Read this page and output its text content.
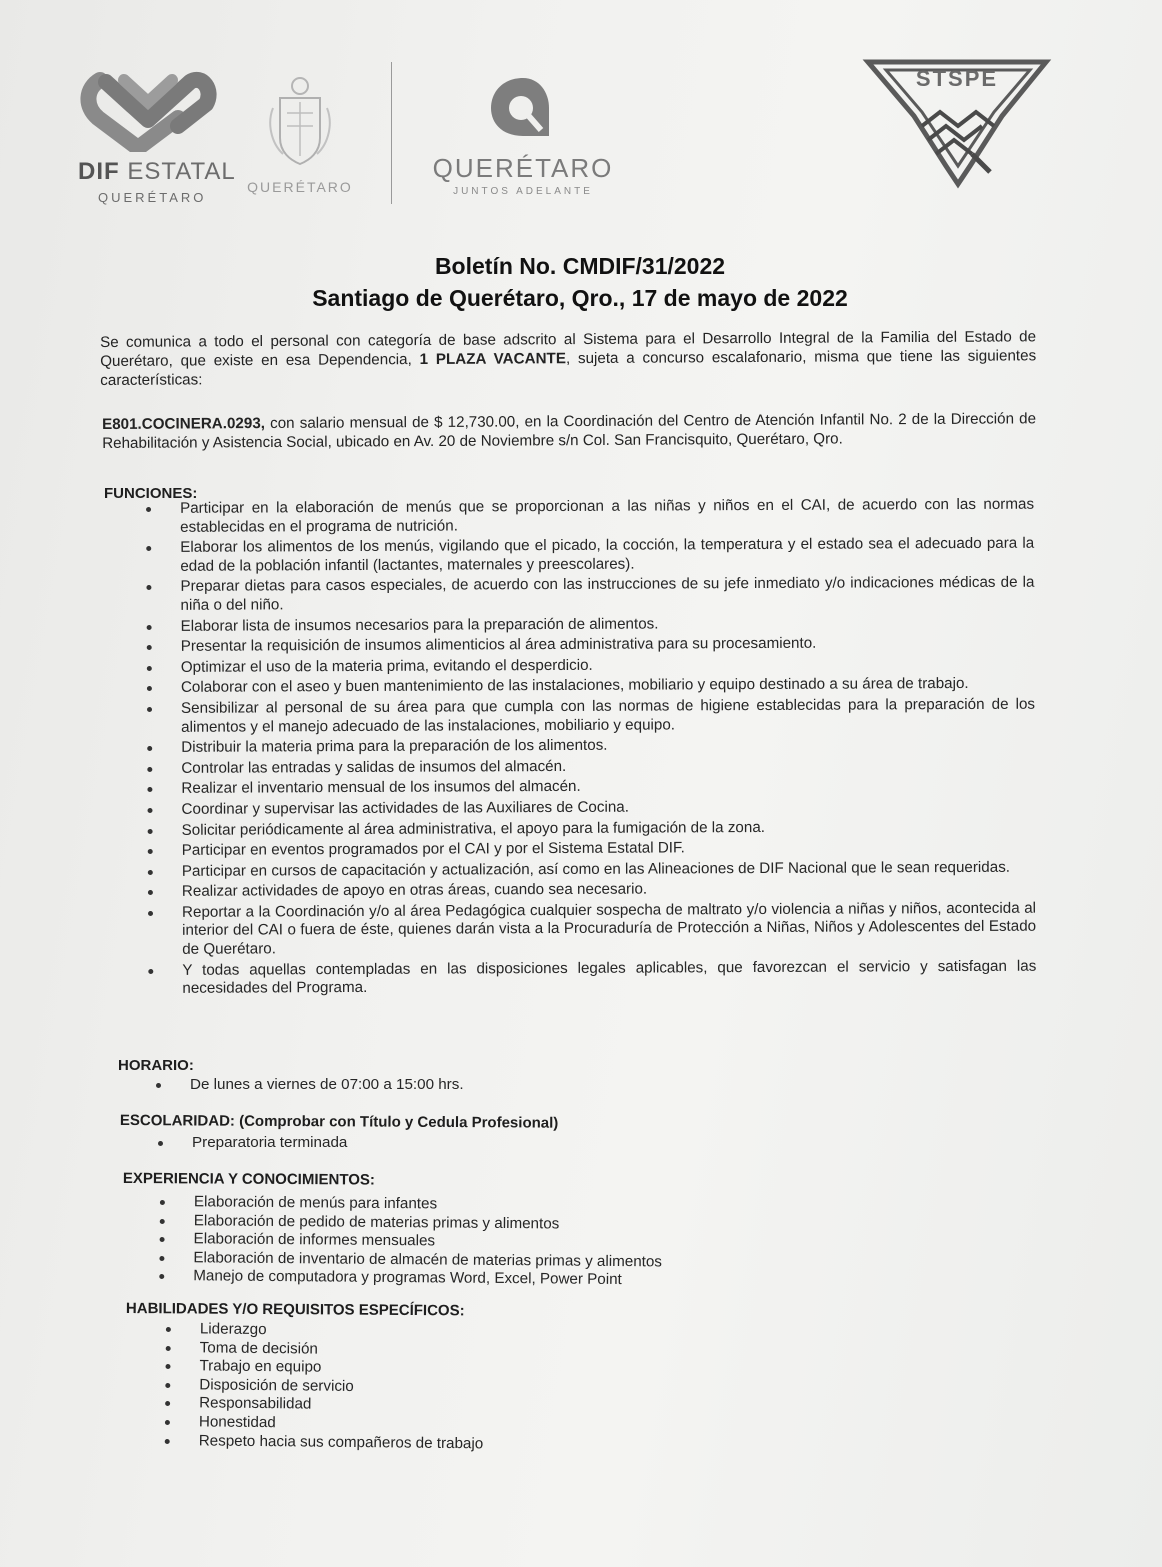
DIF ESTATAL
QUERÉTARO
QUERÉTARO
QUERÉTARO
JUNTOS ADELANTE
STSPE
Boletín No. CMDIF/31/2022
Santiago de Querétaro, Qro., 17 de mayo de 2022
Se comunica a todo el personal con categoría de base adscrito al Sistema para el Desarrollo Integral de la Familia del Estado de Querétaro, que existe en esa Dependencia, 1 PLAZA VACANTE, sujeta a concurso escalafonario, misma que tiene las siguientes características:
E801.COCINERA.0293, con salario mensual de $ 12,730.00, en la Coordinación del Centro de Atención Infantil No. 2 de la Dirección de Rehabilitación y Asistencia Social, ubicado en Av. 20 de Noviembre s/n Col. San Francisquito, Querétaro, Qro.
FUNCIONES:
Participar en la elaboración de menús que se proporcionan a las niñas y niños en el CAI, de acuerdo con las normas establecidas en el programa de nutrición.
Elaborar los alimentos de los menús, vigilando que el picado, la cocción, la temperatura y el estado sea el adecuado para la edad de la población infantil (lactantes, maternales y preescolares).
Preparar dietas para casos especiales, de acuerdo con las instrucciones de su jefe inmediato y/o indicaciones médicas de la niña o del niño.
Elaborar lista de insumos necesarios para la preparación de alimentos.
Presentar la requisición de insumos alimenticios al área administrativa para su procesamiento.
Optimizar el uso de la materia prima, evitando el desperdicio.
Colaborar con el aseo y buen mantenimiento de las instalaciones, mobiliario y equipo destinado a su área de trabajo.
Sensibilizar al personal de su área para que cumpla con las normas de higiene establecidas para la preparación de los alimentos y el manejo adecuado de las instalaciones, mobiliario y equipo.
Distribuir la materia prima para la preparación de los alimentos.
Controlar las entradas y salidas de insumos del almacén.
Realizar el inventario mensual de los insumos del almacén.
Coordinar y supervisar las actividades de las Auxiliares de Cocina.
Solicitar periódicamente al área administrativa, el apoyo para la fumigación de la zona.
Participar en eventos programados por el CAI y por el Sistema Estatal DIF.
Participar en cursos de capacitación y actualización, así como en las Alineaciones de DIF Nacional que le sean requeridas.
Realizar actividades de apoyo en otras áreas, cuando sea necesario.
Reportar a la Coordinación y/o al área Pedagógica cualquier sospecha de maltrato y/o violencia a niñas y niños, acontecida al interior del CAI o fuera de éste, quienes darán vista a la Procuraduría de Protección a Niñas, Niños y Adolescentes del Estado de Querétaro.
Y todas aquellas contempladas en las disposiciones legales aplicables, que favorezcan el servicio y satisfagan las necesidades del Programa.
HORARIO:
De lunes a viernes de 07:00 a 15:00 hrs.
ESCOLARIDAD: (Comprobar con Título y Cedula Profesional)
Preparatoria terminada
EXPERIENCIA Y CONOCIMIENTOS:
Elaboración de menús para infantes
Elaboración de pedido de materias primas y alimentos
Elaboración de informes mensuales
Elaboración de inventario de almacén de materias primas y alimentos
Manejo de computadora y programas Word, Excel, Power Point
HABILIDADES Y/O REQUISITOS ESPECÍFICOS:
Liderazgo
Toma de decisión
Trabajo en equipo
Disposición de servicio
Responsabilidad
Honestidad
Respeto hacia sus compañeros de trabajo
